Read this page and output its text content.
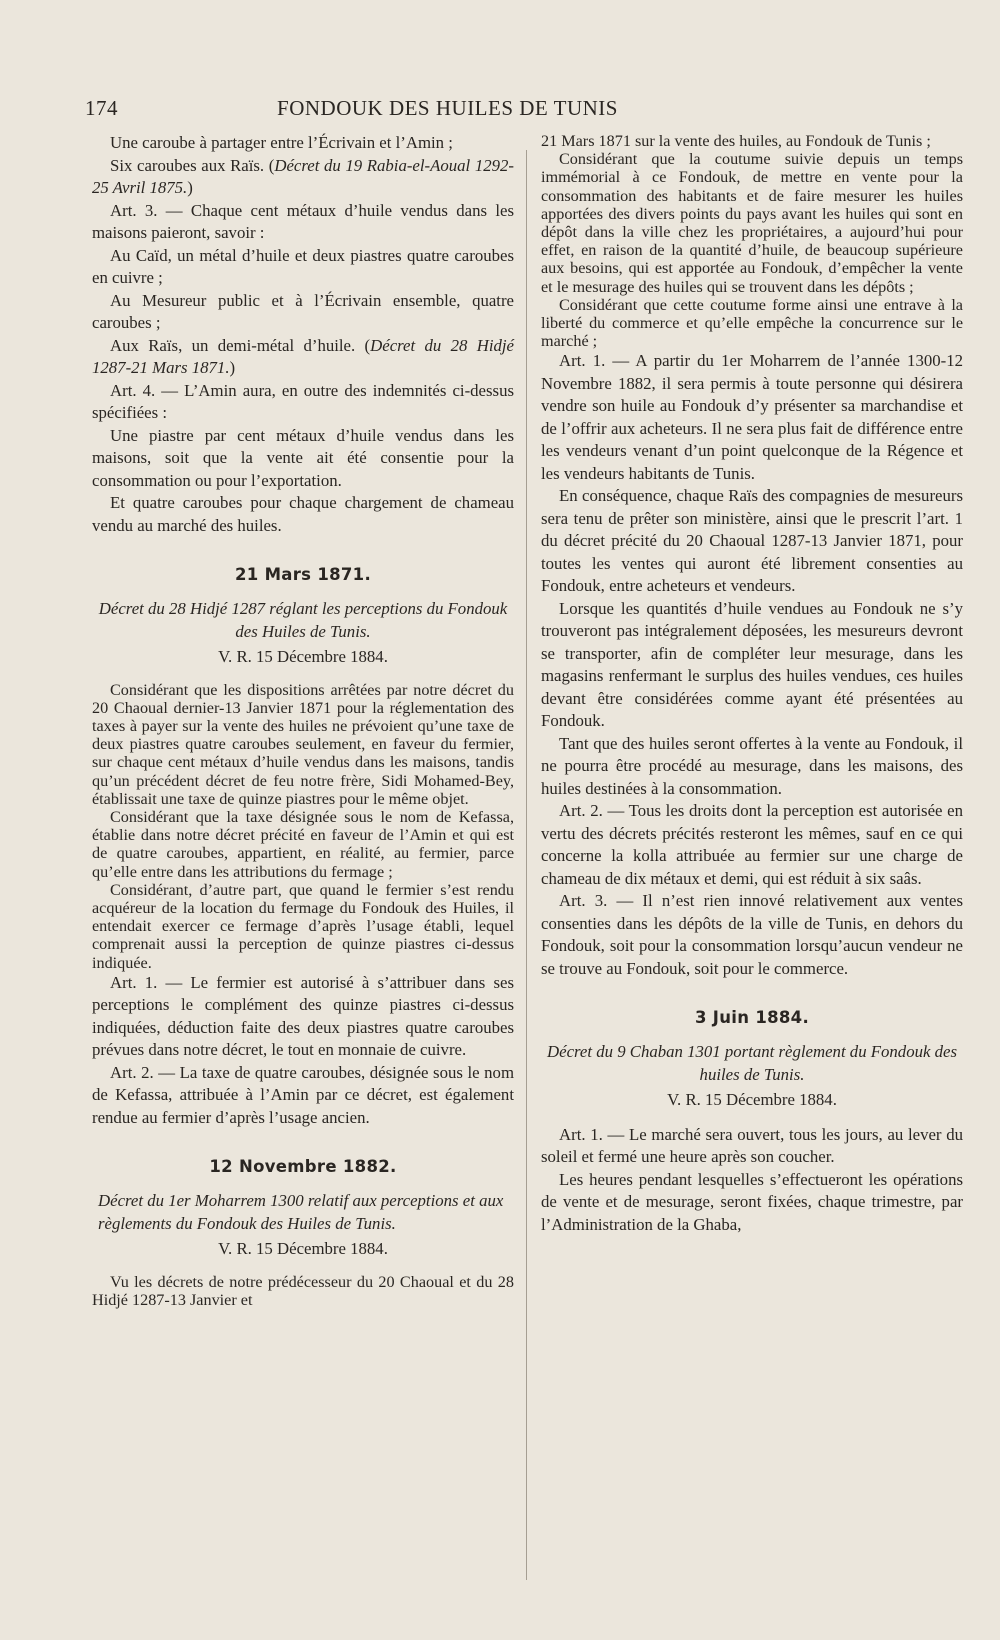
174	FONDOUK DES HUILES DE TUNIS

Une caroube à partager entre l’Écrivain et l’Amin ;

Six caroubes aux Raïs. (Décret du 19 Rabia-el-Aoual 1292-25 Avril 1875.)

Art. 3. — Chaque cent métaux d’huile vendus dans les maisons paieront, savoir :

Au Caïd, un métal d’huile et deux piastres quatre caroubes en cuivre ;

Au Mesureur public et à l’Écrivain ensemble, quatre caroubes ;

Aux Raïs, un demi-métal d’huile. (Décret du 28 Hidjé 1287-21 Mars 1871.)

Art. 4. — L’Amin aura, en outre des indemnités ci-dessus spécifiées :

Une piastre par cent métaux d’huile vendus dans les maisons, soit que la vente ait été consentie pour la consommation ou pour l’exportation.

Et quatre caroubes pour chaque chargement de chameau vendu au marché des huiles.

21 Mars 1871.
Décret du 28 Hidjé 1287 réglant les perceptions du Fondouk des Huiles de Tunis.
V. R. 15 Décembre 1884.

Considérant que les dispositions arrêtées par notre décret du 20 Chaoual dernier-13 Janvier 1871 pour la réglementation des taxes à payer sur la vente des huiles ne prévoient qu’une taxe de deux piastres quatre caroubes seulement, en faveur du fermier, sur chaque cent métaux d’huile vendus dans les maisons, tandis qu’un précédent décret de feu notre frère, Sidi Mohamed-Bey, établissait une taxe de quinze piastres pour le même objet.

Considérant que la taxe désignée sous le nom de Kefassa, établie dans notre décret précité en faveur de l’Amin et qui est de quatre caroubes, appartient, en réalité, au fermier, parce qu’elle entre dans les attributions du fermage ;

Considérant, d’autre part, que quand le fermier s’est rendu acquéreur de la location du fermage du Fondouk des Huiles, il entendait exercer ce fermage d’après l’usage établi, lequel comprenait aussi la perception de quinze piastres ci-dessus indiquée.

Art. 1. — Le fermier est autorisé à s’attribuer dans ses perceptions le complément des quinze piastres ci-dessus indiquées, déduction faite des deux piastres quatre caroubes prévues dans notre décret, le tout en monnaie de cuivre.

Art. 2. — La taxe de quatre caroubes, désignée sous le nom de Kefassa, attribuée à l’Amin par ce décret, est également rendue au fermier d’après l’usage ancien.

12 Novembre 1882.
Décret du 1er Moharrem 1300 relatif aux perceptions et aux règlements du Fondouk des Huiles de Tunis.
V. R. 15 Décembre 1884.

Vu les décrets de notre prédécesseur du 20 Chaoual et du 28 Hidjé 1287-13 Janvier et

21 Mars 1871 sur la vente des huiles, au Fondouk de Tunis ;

Considérant que la coutume suivie depuis un temps immémorial à ce Fondouk, de mettre en vente pour la consommation des habitants et de faire mesurer les huiles apportées des divers points du pays avant les huiles qui sont en dépôt dans la ville chez les propriétaires, a aujourd’hui pour effet, en raison de la quantité d’huile, de beaucoup supérieure aux besoins, qui est apportée au Fondouk, d’empêcher la vente et le mesurage des huiles qui se trouvent dans les dépôts ;

Considérant que cette coutume forme ainsi une entrave à la liberté du commerce et qu’elle empêche la concurrence sur le marché ;

Art. 1. — A partir du 1er Moharrem de l’année 1300-12 Novembre 1882, il sera permis à toute personne qui désirera vendre son huile au Fondouk d’y présenter sa marchandise et de l’offrir aux acheteurs. Il ne sera plus fait de différence entre les vendeurs venant d’un point quelconque de la Régence et les vendeurs habitants de Tunis.

En conséquence, chaque Raïs des compagnies de mesureurs sera tenu de prêter son ministère, ainsi que le prescrit l’art. 1 du décret précité du 20 Chaoual 1287-13 Janvier 1871, pour toutes les ventes qui auront été librement consenties au Fondouk, entre acheteurs et vendeurs.

Lorsque les quantités d’huile vendues au Fondouk ne s’y trouveront pas intégralement déposées, les mesureurs devront se transporter, afin de compléter leur mesurage, dans les magasins renfermant le surplus des huiles vendues, ces huiles devant être considérées comme ayant été présentées au Fondouk.

Tant que des huiles seront offertes à la vente au Fondouk, il ne pourra être procédé au mesurage, dans les maisons, des huiles destinées à la consommation.

Art. 2. — Tous les droits dont la perception est autorisée en vertu des décrets précités resteront les mêmes, sauf en ce qui concerne la kolla attribuée au fermier sur une charge de chameau de dix métaux et demi, qui est réduit à six saâs.

Art. 3. — Il n’est rien innové relativement aux ventes consenties dans les dépôts de la ville de Tunis, en dehors du Fondouk, soit pour la consommation lorsqu’aucun vendeur ne se trouve au Fondouk, soit pour le commerce.

3 Juin 1884.
Décret du 9 Chaban 1301 portant règlement du Fondouk des huiles de Tunis.
V. R. 15 Décembre 1884.

Art. 1. — Le marché sera ouvert, tous les jours, au lever du soleil et fermé une heure après son coucher.

Les heures pendant lesquelles s’effectueront les opérations de vente et de mesurage, seront fixées, chaque trimestre, par l’Administration de la Ghaba,
